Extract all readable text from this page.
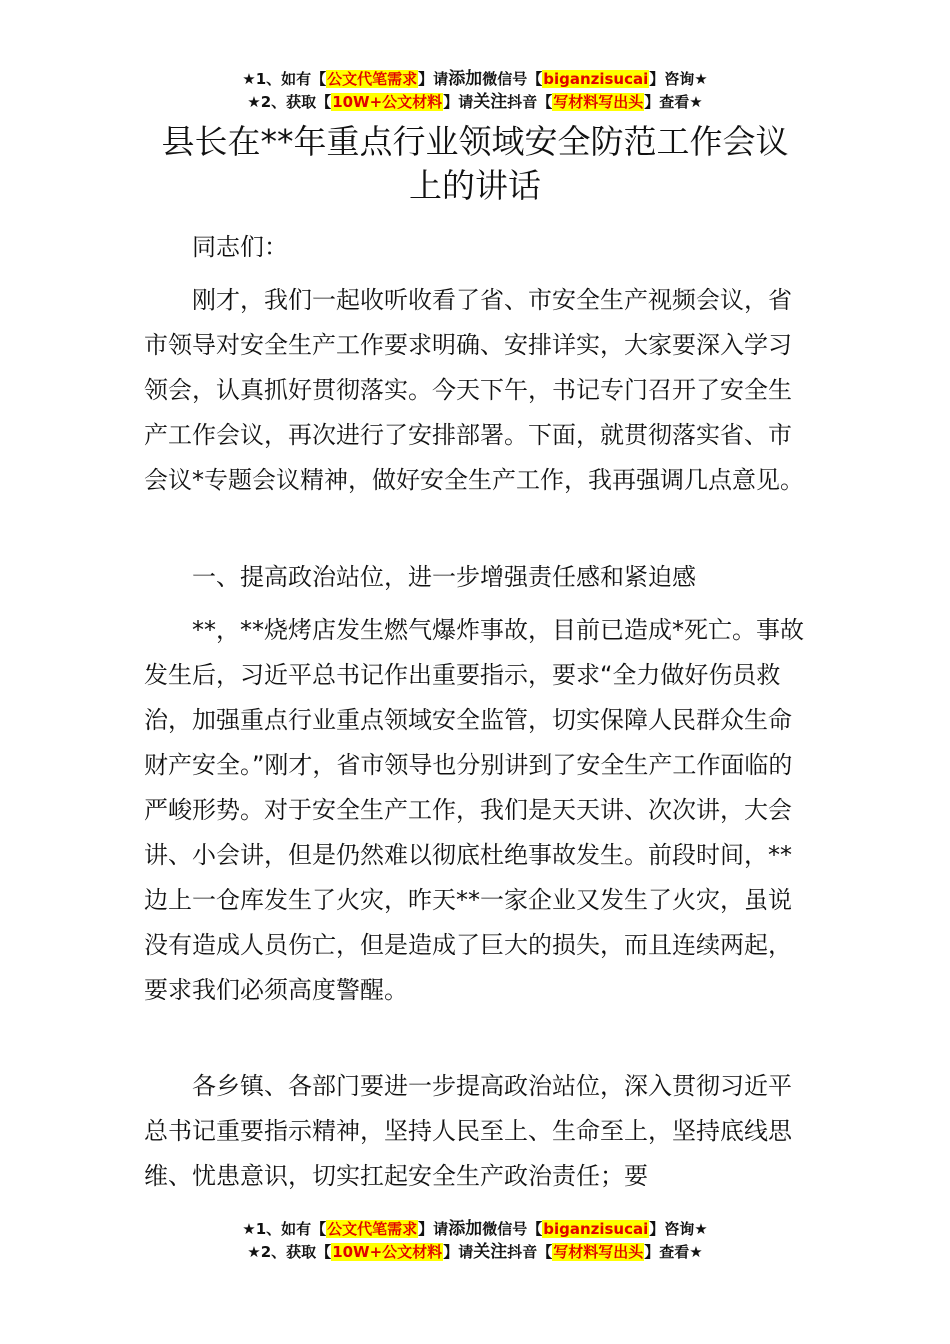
★1、如有【公文代笔需求】请添加微信号【biganzisucai】咨询★
★2、获取【10W+公文材料】请关注抖音【写材料写出头】查看★
县长在**年重点行业领域安全防范工作会议
上的讲话

同志们：

刚才，我们一起收听收看了省、市安全生产视频会议，省市领导对安全生产工作要求明确、安排详实，大家要深入学习领会，认真抓好贯彻落实。今天下午，书记专门召开了安全生产工作会议，再次进行了安排部署。下面，就贯彻落实省、市会议*专题会议精神，做好安全生产工作，我再强调几点意见。

一、提高政治站位，进一步增强责任感和紧迫感

**，**烧烤店发生燃气爆炸事故，目前已造成*死亡。事故发生后，习近平总书记作出重要指示，要求“全力做好伤员救治，加强重点行业重点领域安全监管，切实保障人民群众生命财产安全。”刚才，省市领导也分别讲到了安全生产工作面临的严峻形势。对于安全生产工作，我们是天天讲、次次讲，大会讲、小会讲，但是仍然难以彻底杜绝事故发生。前段时间，**边上一仓库发生了火灾，昨天**一家企业又发生了火灾，虽说没有造成人员伤亡，但是造成了巨大的损失，而且连续两起，要求我们必须高度警醒。

各乡镇、各部门要进一步提高政治站位，深入贯彻习近平总书记重要指示精神，坚持人民至上、生命至上，坚持底线思维、忧患意识，切实扛起安全生产政治责任；要

★1、如有【公文代笔需求】请添加微信号【biganzisucai】咨询★
★2、获取【10W+公文材料】请关注抖音【写材料写出头】查看★
